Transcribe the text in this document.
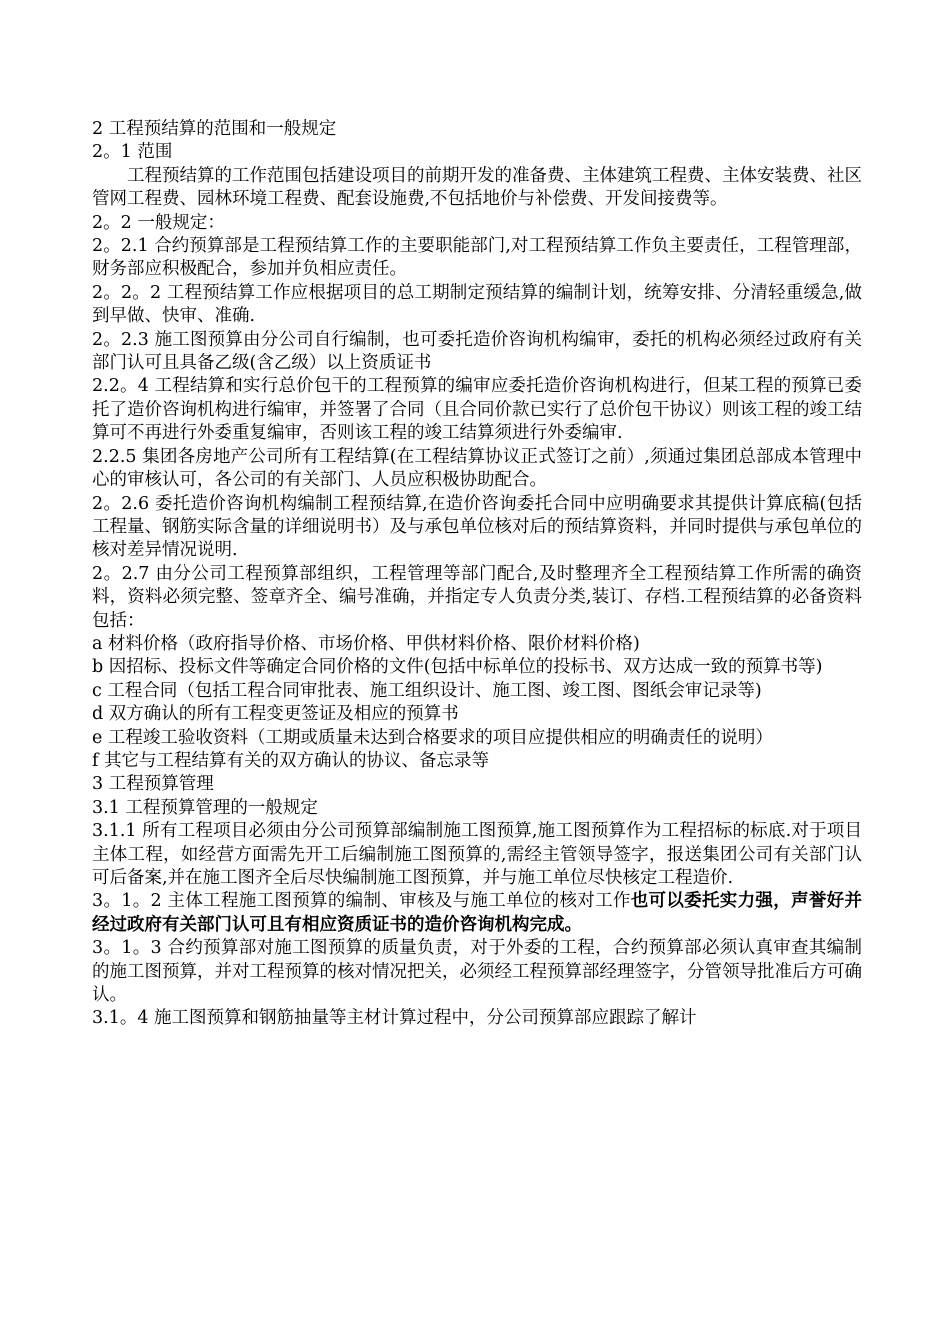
2 工程预结算的范围和一般规定

2。1 范围

工程预结算的工作范围包括建设项目的前期开发的准备费、主体建筑工程费、主体安装费、社区管网工程费、园林环境工程费、配套设施费,不包括地价与补偿费、开发间接费等。

2。2 一般规定：

2。2.1 合约预算部是工程预结算工作的主要职能部门,对工程预结算工作负主要责任，工程管理部，财务部应积极配合，参加并负相应责任。

2。2。2 工程预结算工作应根据项目的总工期制定预结算的编制计划，统筹安排、分清轻重缓急,做到早做、快审、准确.

2。2.3 施工图预算由分公司自行编制，也可委托造价咨询机构编审，委托的机构必须经过政府有关部门认可且具备乙级(含乙级）以上资质证书

2.2。4 工程结算和实行总价包干的工程预算的编审应委托造价咨询机构进行，但某工程的预算已委托了造价咨询机构进行编审，并签署了合同（且合同价款已实行了总价包干协议）则该工程的竣工结算可不再进行外委重复编审，否则该工程的竣工结算须进行外委编审.

2.2.5 集团各房地产公司所有工程结算(在工程结算协议正式签订之前）,须通过集团总部成本管理中心的审核认可，各公司的有关部门、人员应积极协助配合。

2。2.6 委托造价咨询机构编制工程预结算,在造价咨询委托合同中应明确要求其提供计算底稿(包括工程量、钢筋实际含量的详细说明书）及与承包单位核对后的预结算资料，并同时提供与承包单位的核对差异情况说明.

2。2.7 由分公司工程预算部组织，工程管理等部门配合,及时整理齐全工程预结算工作所需的确资料，资料必须完整、签章齐全、编号准确，并指定专人负责分类,装订、存档.工程预结算的必备资料包括：

a 材料价格（政府指导价格、市场价格、甲供材料价格、限价材料价格)

b 因招标、投标文件等确定合同价格的文件(包括中标单位的投标书、双方达成一致的预算书等)

c 工程合同（包括工程合同审批表、施工组织设计、施工图、竣工图、图纸会审记录等)

d 双方确认的所有工程变更签证及相应的预算书

e 工程竣工验收资料（工期或质量未达到合格要求的项目应提供相应的明确责任的说明）

f 其它与工程结算有关的双方确认的协议、备忘录等

3 工程预算管理

3.1 工程预算管理的一般规定

3.1.1 所有工程项目必须由分公司预算部编制施工图预算,施工图预算作为工程招标的标底.对于项目主体工程，如经营方面需先开工后编制施工图预算的,需经主管领导签字，报送集团公司有关部门认可后备案,并在施工图齐全后尽快编制施工图预算，并与施工单位尽快核定工程造价.

3。1。2 主体工程施工图预算的编制、审核及与施工单位的核对工作也可以委托实力强，声誉好并经过政府有关部门认可且有相应资质证书的造价咨询机构完成。

3。1。3 合约预算部对施工图预算的质量负责，对于外委的工程，合约预算部必须认真审查其编制的施工图预算，并对工程预算的核对情况把关，必须经工程预算部经理签字，分管领导批准后方可确认。

3.1。4 施工图预算和钢筋抽量等主材计算过程中，分公司预算部应跟踪了解计
